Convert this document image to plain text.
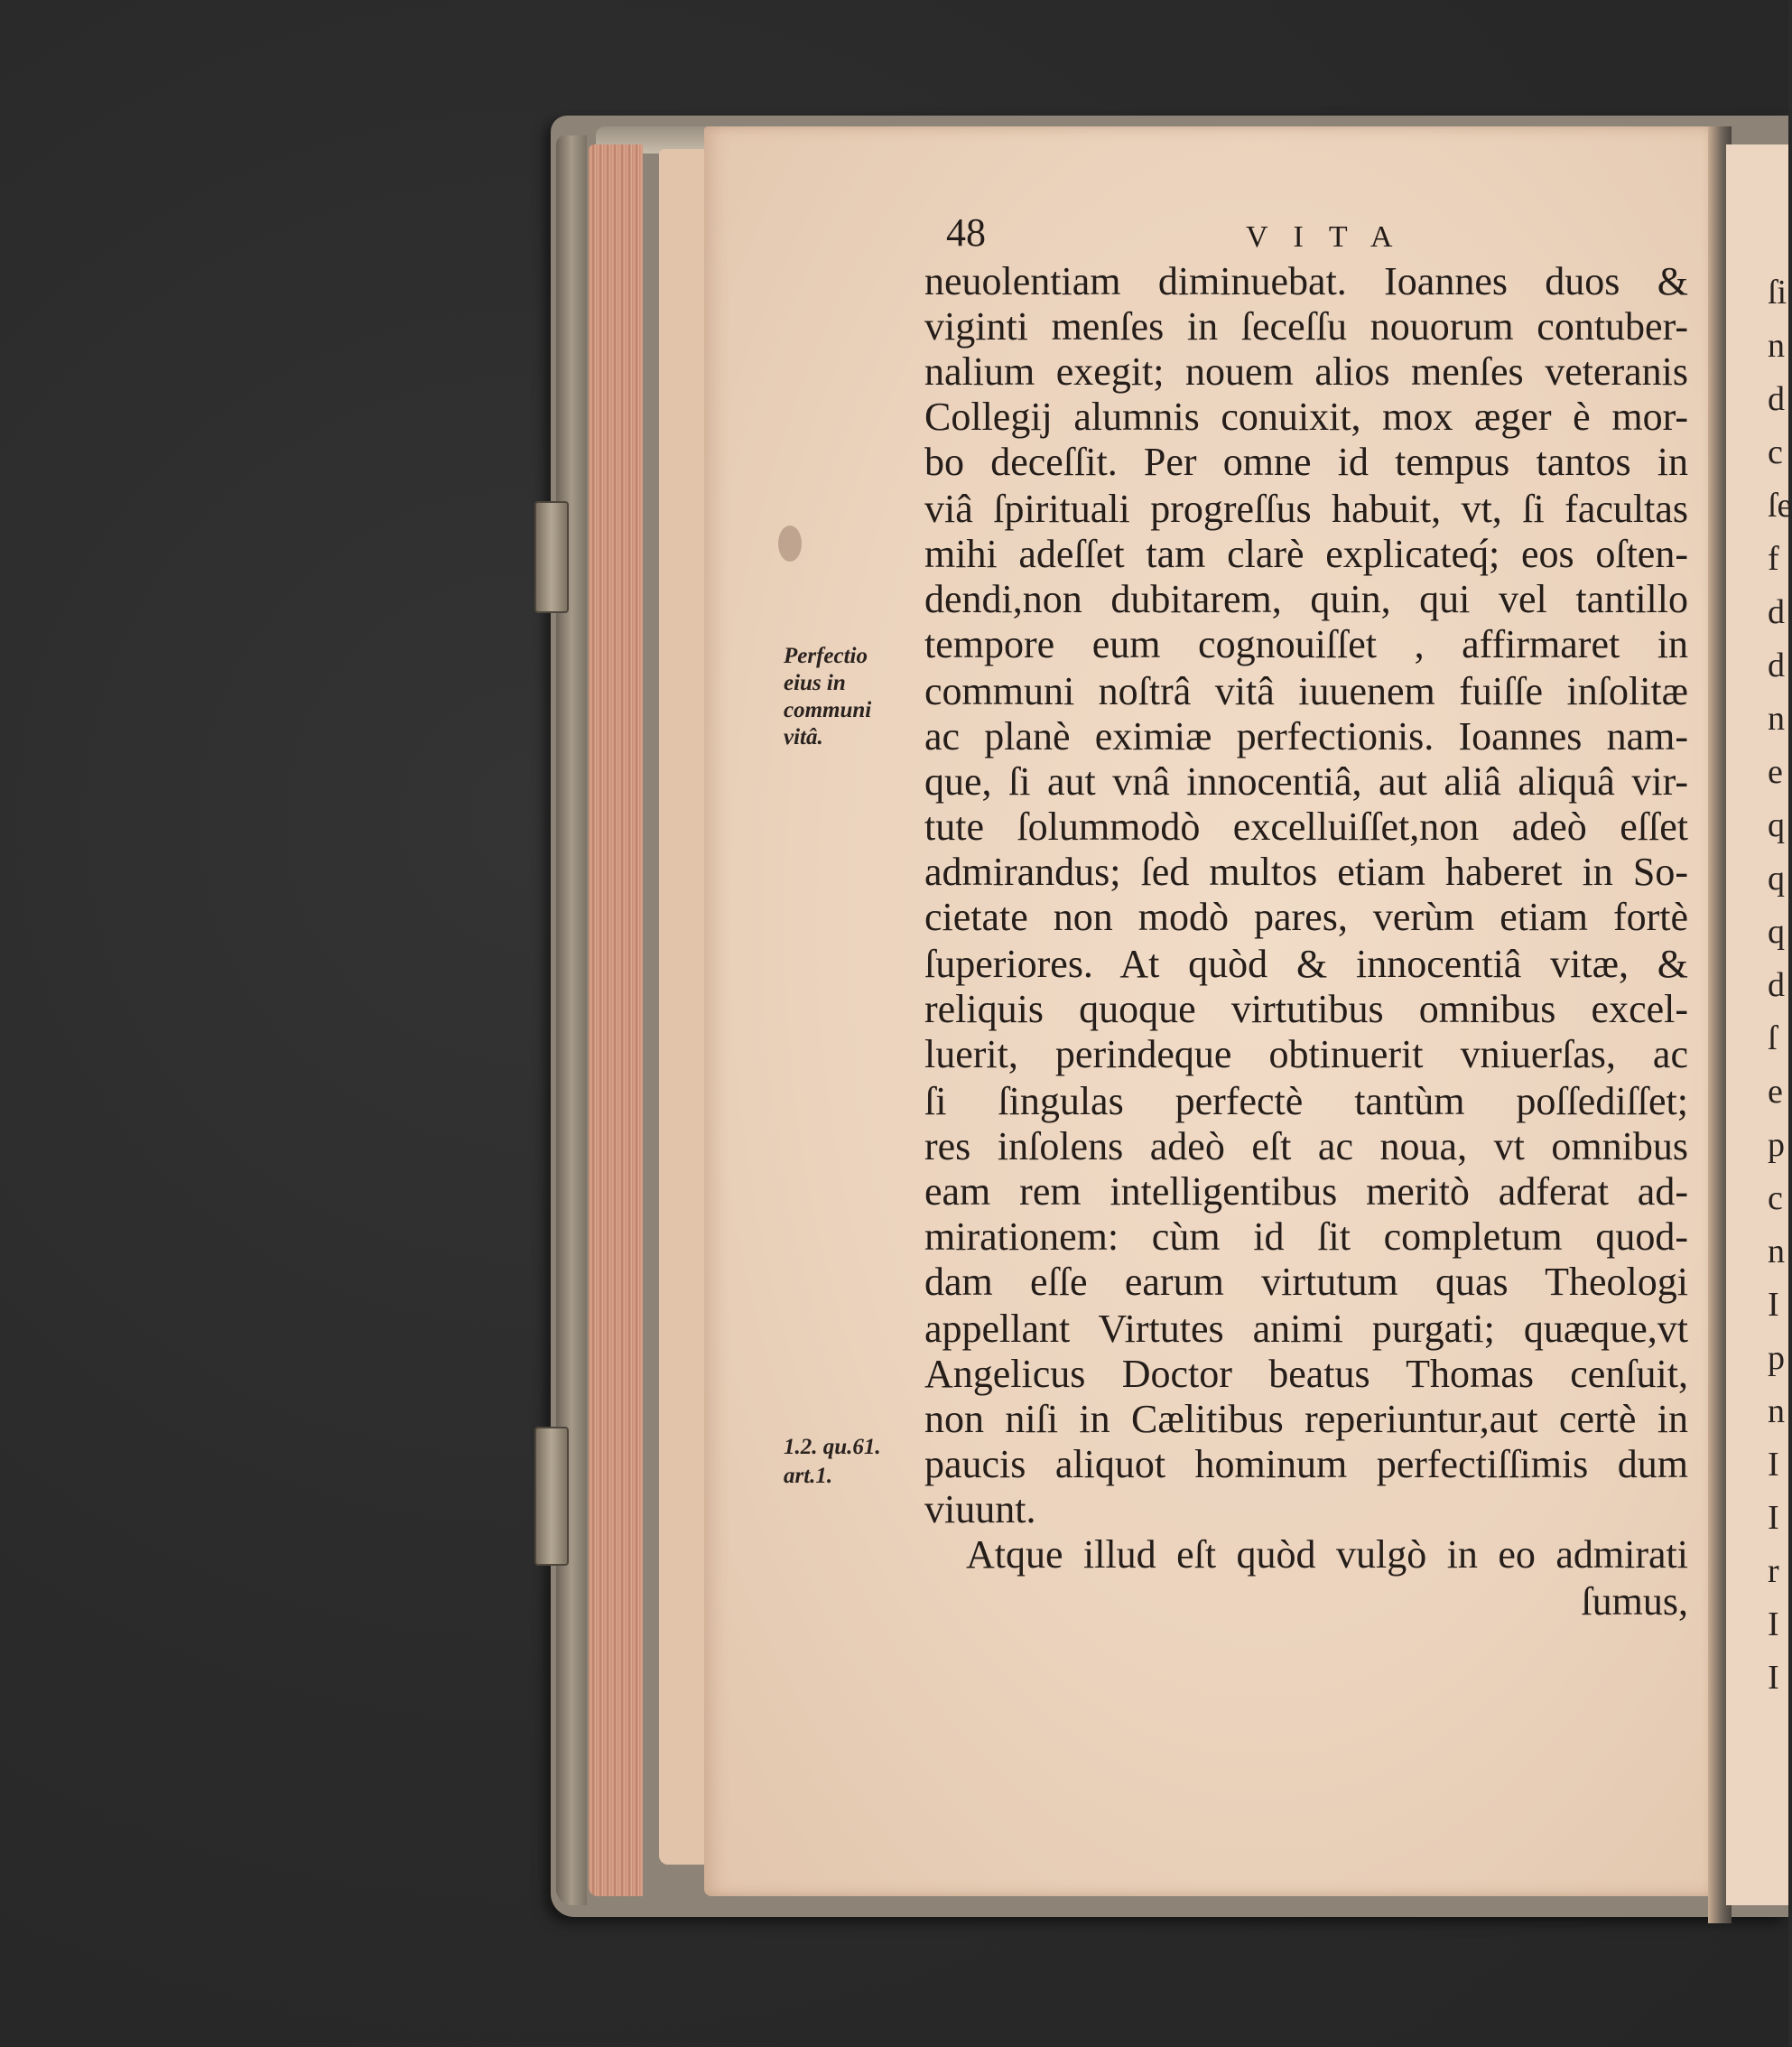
48	VITA
neuolentiam diminuebat. Ioannes duos &
viginti menſes in ſeceſſu nouorum contuber-
nalium exegit; nouem alios menſes veteranis
Collegij alumnis conuixit, mox æger è mor-
bo deceſſit. Per omne id tempus tantos in
viâ ſpirituali progreſſus habuit, vt, ſi facultas
mihi adeſſet tam clarè explicateq́; eos oſten-
dendi,non dubitarem, quin, qui vel tantillo
tempore eum cognouiſſet , affirmaret in
communi noſtrâ vitâ iuuenem fuiſſe inſolitæ
ac planè eximiæ perfectionis. Ioannes nam-
que, ſi aut vnâ innocentiâ, aut aliâ aliquâ vir-
tute ſolummodò excelluiſſet,non adeò eſſet
admirandus; ſed multos etiam haberet in So-
cietate non modò pares, verùm etiam fortè
ſuperiores. At quòd & innocentiâ vitæ, &
reliquis quoque virtutibus omnibus excel-
luerit, perindeque obtinuerit vniuerſas, ac
ſi ſingulas perfectè tantùm poſſediſſet;
res inſolens adeò eſt ac noua, vt omnibus
eam rem intelligentibus meritò adferat ad-
mirationem: cùm id ſit completum quod-
dam eſſe earum virtutum quas Theologi
appellant Virtutes animi purgati; quæque,vt
Angelicus Doctor beatus Thomas cenſuit,
non niſi in Cælitibus reperiuntur,aut certè in
paucis aliquot hominum perfectiſſimis dum
viuunt.
Atque illud eſt quòd vulgò in eo admirati
ſumus,
Perfectio
eius in
communi
vitâ.
1.2. qu.61.
art.1.
ſi
n
d
c
ſe
f
d
d
n
e
q
q
q
d
ſ
e
p
c
n
I
p
n
I
I
r
I
I
